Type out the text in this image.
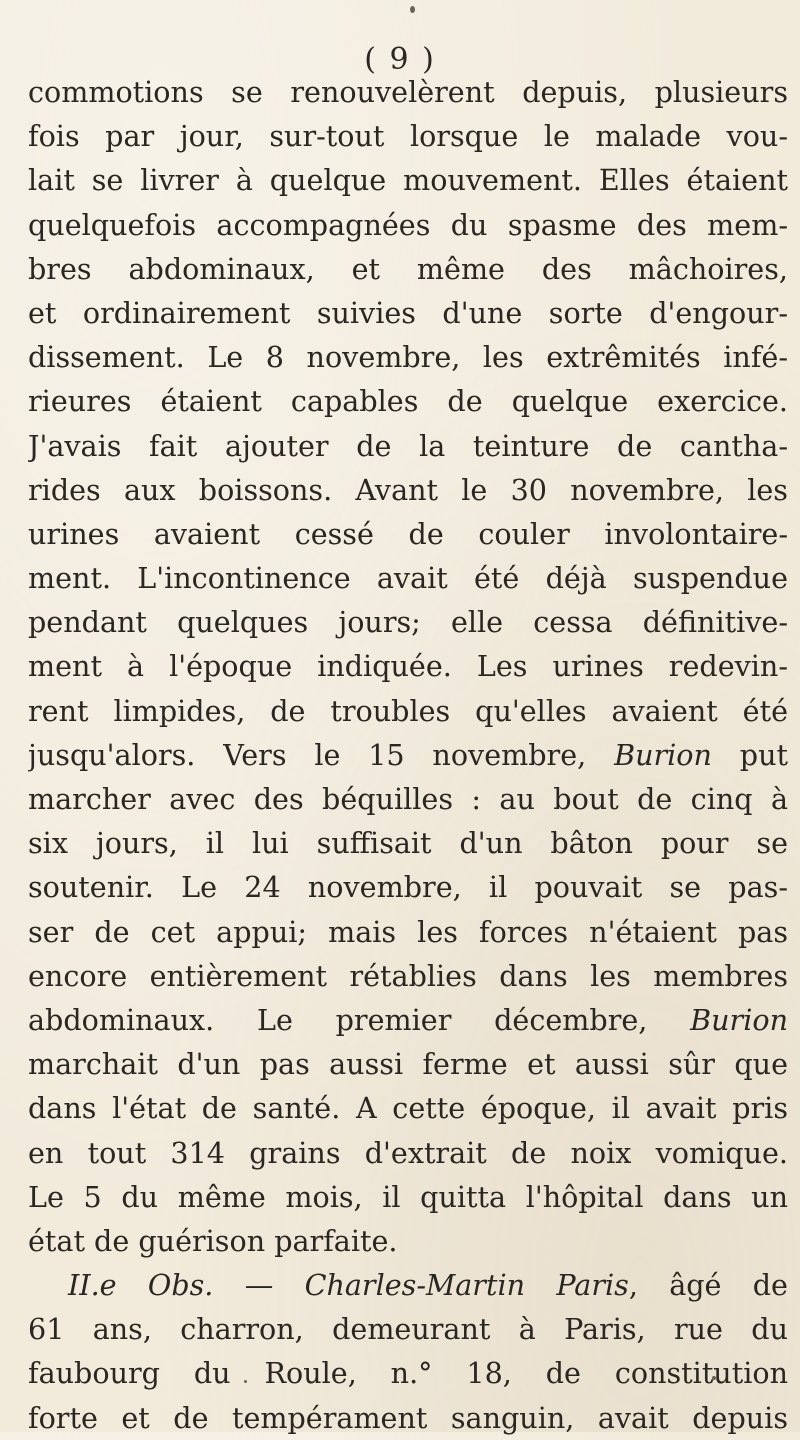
( 9 )
commotions se renouvelèrent depuis, plusieurs
fois par jour, sur-tout lorsque le malade vou-
lait se livrer à quelque mouvement. Elles étaient
quelquefois accompagnées du spasme des mem-
bres abdominaux, et même des mâchoires,
et ordinairement suivies d'une sorte d'engour-
dissement. Le 8 novembre, les extrêmités infé-
rieures étaient capables de quelque exercice.
J'avais fait ajouter de la teinture de cantha-
rides aux boissons. Avant le 30 novembre, les
urines avaient cessé de couler involontaire-
ment. L'incontinence avait été déjà suspendue
pendant quelques jours; elle cessa définitive-
ment à l'époque indiquée. Les urines redevin-
rent limpides, de troubles qu'elles avaient été
jusqu'alors. Vers le 15 novembre, Burion put
marcher avec des béquilles : au bout de cinq à
six jours, il lui suffisait d'un bâton pour se
soutenir. Le 24 novembre, il pouvait se pas-
ser de cet appui; mais les forces n'étaient pas
encore entièrement rétablies dans les membres
abdominaux. Le premier décembre, Burion
marchait d'un pas aussi ferme et aussi sûr que
dans l'état de santé. A cette époque, il avait pris
en tout 314 grains d'extrait de noix vomique.
Le 5 du même mois, il quitta l'hôpital dans un
état de guérison parfaite.
II.e Obs. — Charles-Martin Paris, âgé de
61 ans, charron, demeurant à Paris, rue du
faubourg du Roule, n.° 18, de constitution
forte et de tempérament sanguin, avait depuis
